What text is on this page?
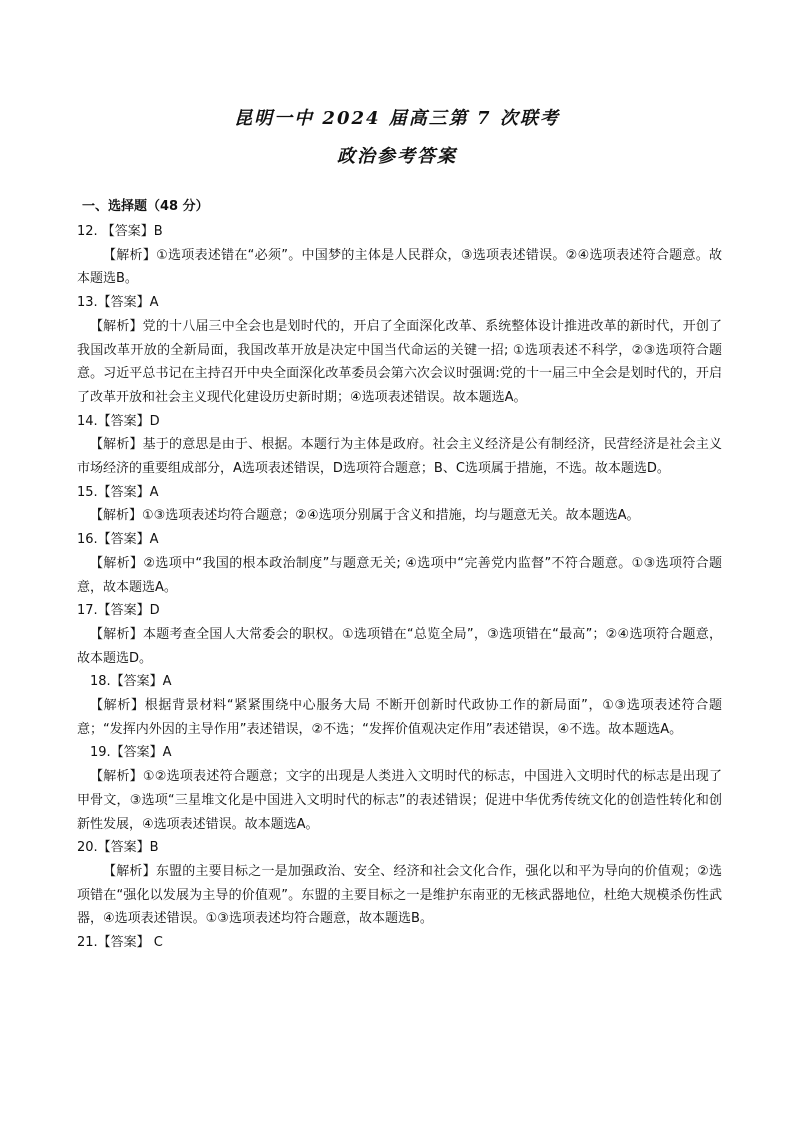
昆明一中 2024 届高三第 7 次联考
政治参考答案
一、选择题（48 分）

12. 【答案】B

【解析】①选项表述错在“必须”。中国梦的主体是人民群众，③选项表述错误。②④选项表述符合题意。故本题选B。

13.【答案】A

【解析】党的十八届三中全会也是划时代的，开启了全面深化改革、系统整体设计推进改革的新时代，开创了我国改革开放的全新局面，我国改革开放是决定中国当代命运的关键一招; ①选项表述不科学，②③选项符合题意。习近平总书记在主持召开中央全面深化改革委员会第六次会议时强调:党的十一届三中全会是划时代的，开启了改革开放和社会主义现代化建设历史新时期；④选项表述错误。故本题选A。

14.【答案】D

【解析】基于的意思是由于、根据。本题行为主体是政府。社会主义经济是公有制经济，民营经济是社会主义市场经济的重要组成部分，A选项表述错误，D选项符合题意；B、C选项属于措施，不选。故本题选D。

15.【答案】A

【解析】①③选项表述均符合题意；②④选项分别属于含义和措施，均与题意无关。故本题选A。

16.【答案】A

【解析】②选项中“我国的根本政治制度”与题意无关; ④选项中“完善党内监督”不符合题意。①③选项符合题意，故本题选A。

17.【答案】D

【解析】本题考查全国人大常委会的职权。①选项错在“总览全局”，③选项错在“最高”；②④选项符合题意，故本题选D。

18.【答案】A

【解析】根据背景材料“紧紧围绕中心服务大局 不断开创新时代政协工作的新局面”，①③选项表述符合题意；“发挥内外因的主导作用”表述错误，②不选；“发挥价值观决定作用”表述错误，④不选。故本题选A。

19.【答案】A

【解析】①②选项表述符合题意；文字的出现是人类进入文明时代的标志，中国进入文明时代的标志是出现了甲骨文，③选项“三星堆文化是中国进入文明时代的标志”的表述错误；促进中华优秀传统文化的创造性转化和创新性发展，④选项表述错误。故本题选A。

20.【答案】B

【解析】东盟的主要目标之一是加强政治、安全、经济和社会文化合作，强化以和平为导向的价值观；②选项错在“强化以发展为主导的价值观”。东盟的主要目标之一是维护东南亚的无核武器地位，杜绝大规模杀伤性武器，④选项表述错误。①③选项表述均符合题意，故本题选B。

21.【答案】 C
